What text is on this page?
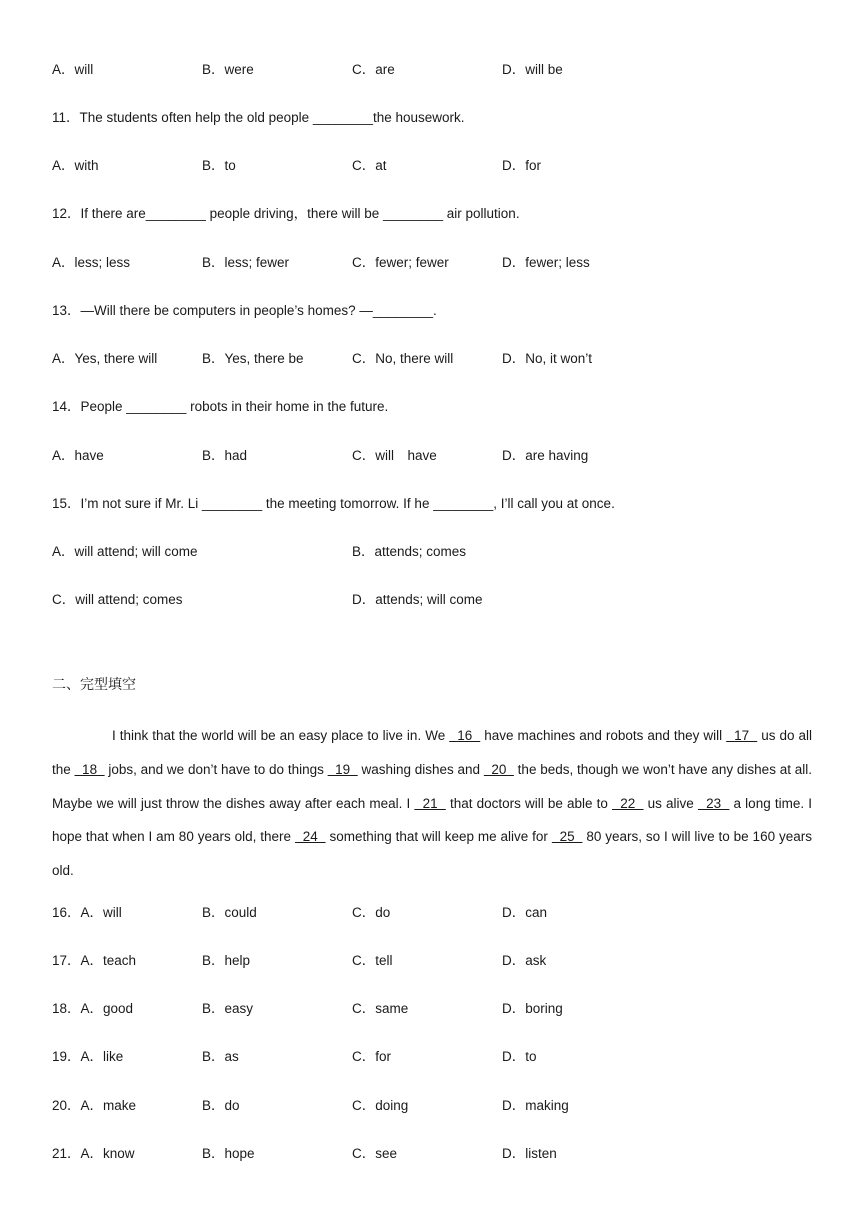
A．will	B．were	C．are	D．will be
11．The students often help the old people ________the housework.
A．with	B．to	C．at	D．for
12．If there are________ people driving，there will be ________ air pollution.
A．less; less	B．less; fewer	C．fewer; fewer	D．fewer; less
13．—Will there be computers in people’s homes? —________.
A．Yes, there will	B．Yes, there be	C．No, there will	D．No, it won’t
14．People ________ robots in their home in the future.
A．have	B．had	C．will　have	D．are having
15．I’m not sure if Mr. Li ________ the meeting tomorrow. If he ________, I’ll call you at once.
A．will attend; will come	B．attends; comes
C．will attend; comes	D．attends; will come
二、完型填空
I think that the world will be an easy place to live in. We   16   have machines and robots and they will   17   us do all the   18   jobs, and we don’t have to do things   19   washing dishes and   20   the beds, though we won’t have any dishes at all. Maybe we will just throw the dishes away after each meal. I   21   that doctors will be able to   22   us alive   23   a long time. I hope that when I am 80 years old, there   24   something that will keep me alive for   25   80 years, so I will live to be 160 years old.
16．A．will	B．could	C．do	D．can
17．A．teach	B．help	C．tell	D．ask
18．A．good	B．easy	C．same	D．boring
19．A．like	B．as	C．for	D．to
20．A．make	B．do	C．doing	D．making
21．A．know	B．hope	C．see	D．listen
